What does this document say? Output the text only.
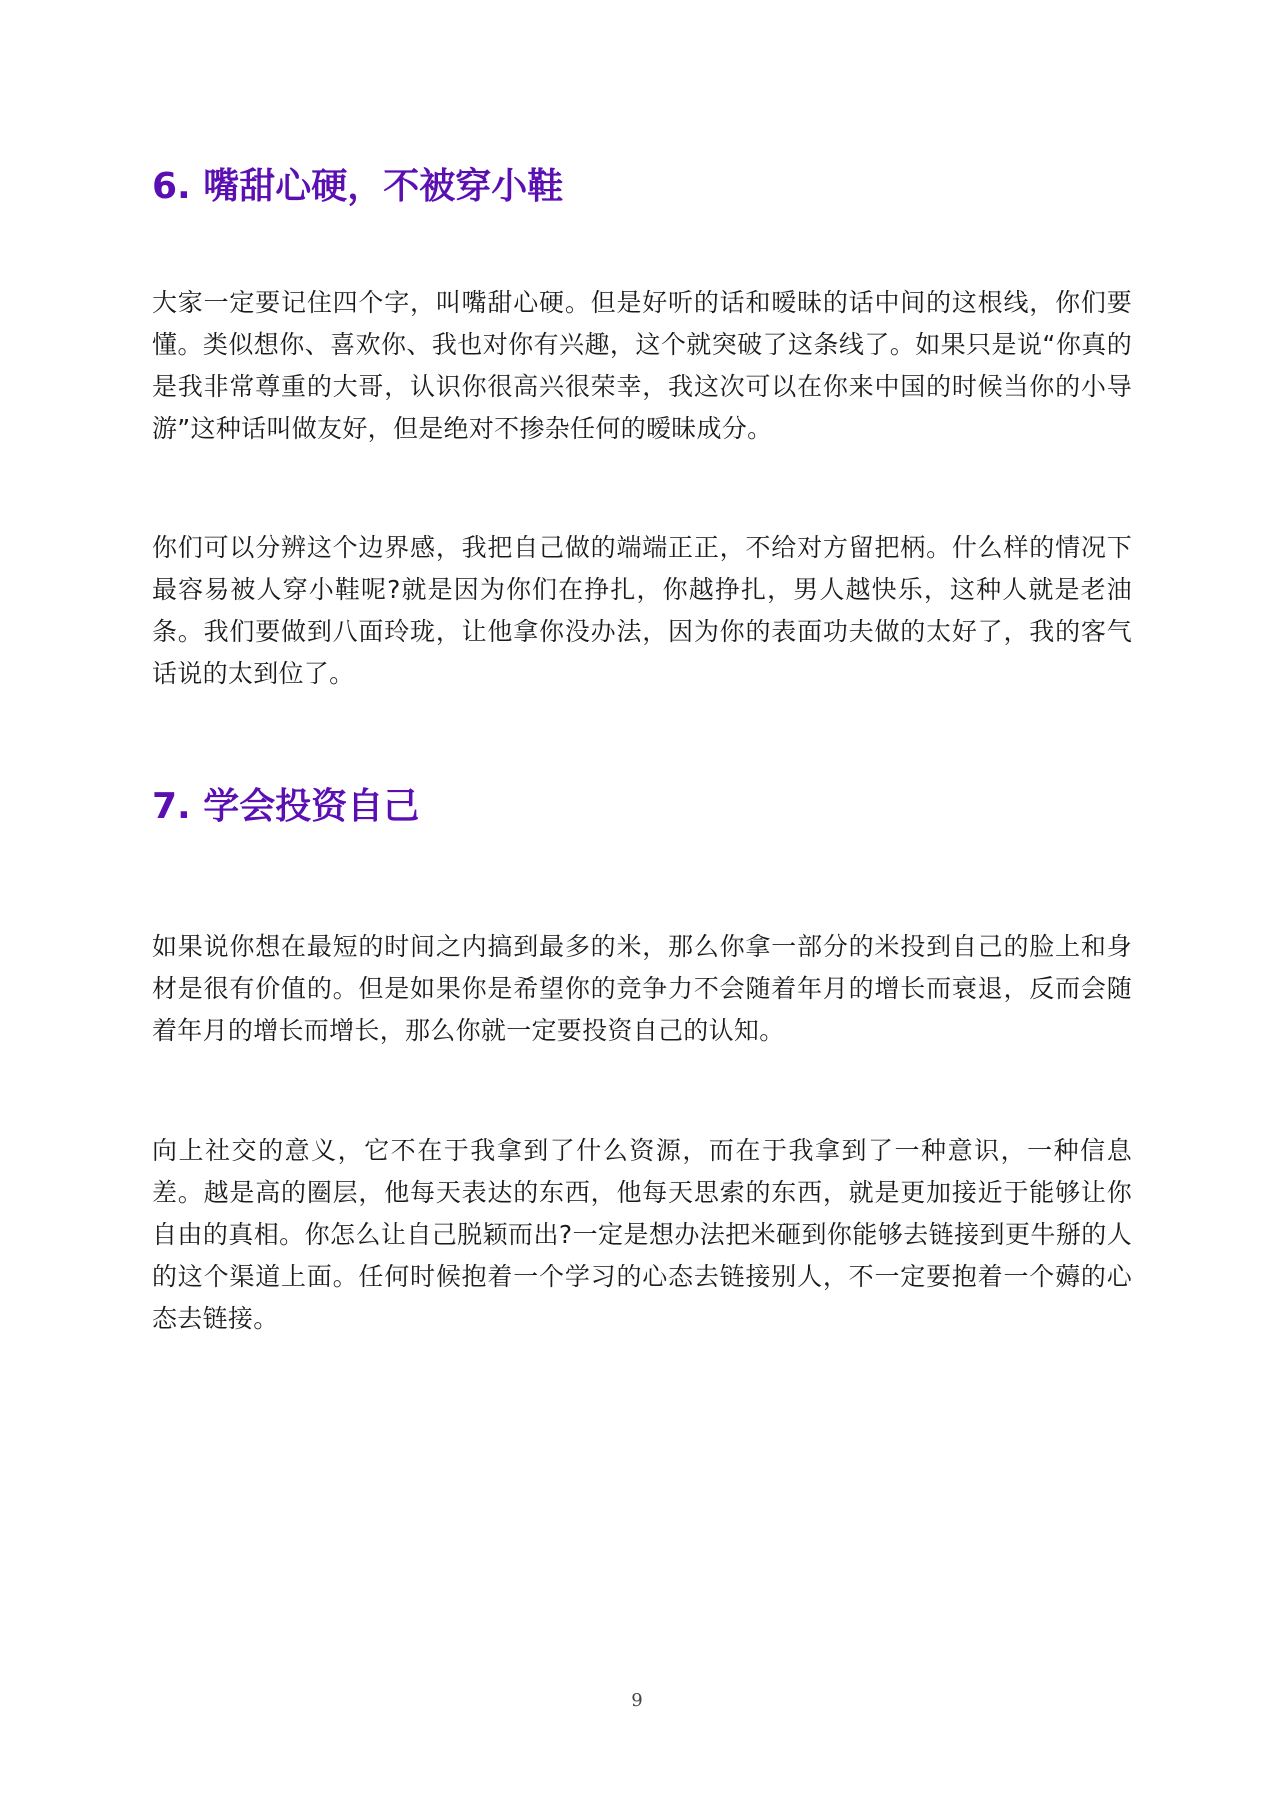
6. 嘴甜心硬，不被穿小鞋

大家一定要记住四个字，叫嘴甜心硬。但是好听的话和暧昧的话中间的这根线，你们要懂。类似想你、喜欢你、我也对你有兴趣，这个就突破了这条线了。如果只是说“你真的是我非常尊重的大哥，认识你很高兴很荣幸，我这次可以在你来中国的时候当你的小导游”这种话叫做友好，但是绝对不掺杂任何的暧昧成分。

你们可以分辨这个边界感，我把自己做的端端正正，不给对方留把柄。什么样的情况下最容易被人穿小鞋呢?就是因为你们在挣扎，你越挣扎，男人越快乐，这种人就是老油条。我们要做到八面玲珑，让他拿你没办法，因为你的表面功夫做的太好了，我的客气话说的太到位了。

7. 学会投资自己

如果说你想在最短的时间之内搞到最多的米，那么你拿一部分的米投到自己的脸上和身材是很有价值的。但是如果你是希望你的竞争力不会随着年月的增长而衰退，反而会随着年月的增长而增长，那么你就一定要投资自己的认知。

向上社交的意义，它不在于我拿到了什么资源，而在于我拿到了一种意识，一种信息差。越是高的圈层，他每天表达的东西，他每天思索的东西，就是更加接近于能够让你自由的真相。你怎么让自己脱颖而出?一定是想办法把米砸到你能够去链接到更牛掰的人的这个渠道上面。任何时候抱着一个学习的心态去链接别人，不一定要抱着一个薅的心态去链接。

9
